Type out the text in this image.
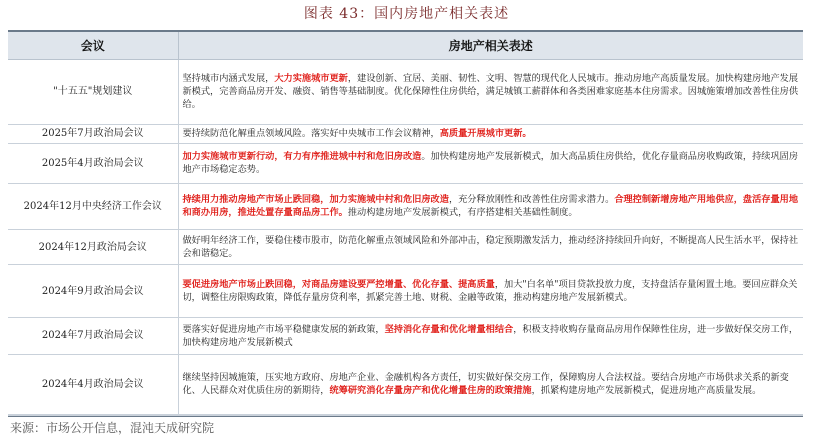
图表 43：国内房地产相关表述
会议	房地产相关表述
"十五五"规划建议	坚持城市内涵式发展，大力实施城市更新，建设创新、宜居、美丽、韧性、文明、智慧的现代化人民城市。推动房地产高质量发展。加快构建房地产发展新模式，完善商品房开发、融资、销售等基础制度。优化保障性住房供给，满足城镇工薪群体和各类困难家庭基本住房需求。因城施策增加改善性住房供给。
2025年7月政治局会议	要持续防范化解重点领域风险。落实好中央城市工作会议精神，高质量开展城市更新。
2025年4月政治局会议	加力实施城市更新行动，有力有序推进城中村和危旧房改造。加快构建房地产发展新模式，加大高品质住房供给，优化存量商品房收购政策，持续巩固房地产市场稳定态势。
2024年12月中央经济工作会议	持续用力推动房地产市场止跌回稳，加力实施城中村和危旧房改造，充分释放刚性和改善性住房需求潜力。合理控制新增房地产用地供应，盘活存量用地和商办用房，推进处置存量商品房工作。推动构建房地产发展新模式，有序搭建相关基础性制度。
2024年12月政治局会议	做好明年经济工作，要稳住楼市股市，防范化解重点领域风险和外部冲击，稳定预期激发活力，推动经济持续回升向好，不断提高人民生活水平，保持社会和谐稳定。
2024年9月政治局会议	要促进房地产市场止跌回稳，对商品房建设要严控增量、优化存量、提高质量，加大"白名单"项目贷款投放力度，支持盘活存量闲置土地。要回应群众关切，调整住房限购政策，降低存量房贷利率，抓紧完善土地、财税、金融等政策，推动构建房地产发展新模式。
2024年7月政治局会议	要落实好促进房地产市场平稳健康发展的新政策，坚持消化存量和优化增量相结合，积极支持收购存量商品房用作保障性住房，进一步做好保交房工作，加快构建房地产发展新模式
2024年4月政治局会议	继续坚持因城施策，压实地方政府、房地产企业、金融机构各方责任，切实做好保交房工作，保障购房人合法权益。要结合房地产市场供求关系的新变化、人民群众对优质住房的新期待，统筹研究消化存量房产和优化增量住房的政策措施，抓紧构建房地产发展新模式，促进房地产高质量发展。
来源：市场公开信息，混沌天成研究院
